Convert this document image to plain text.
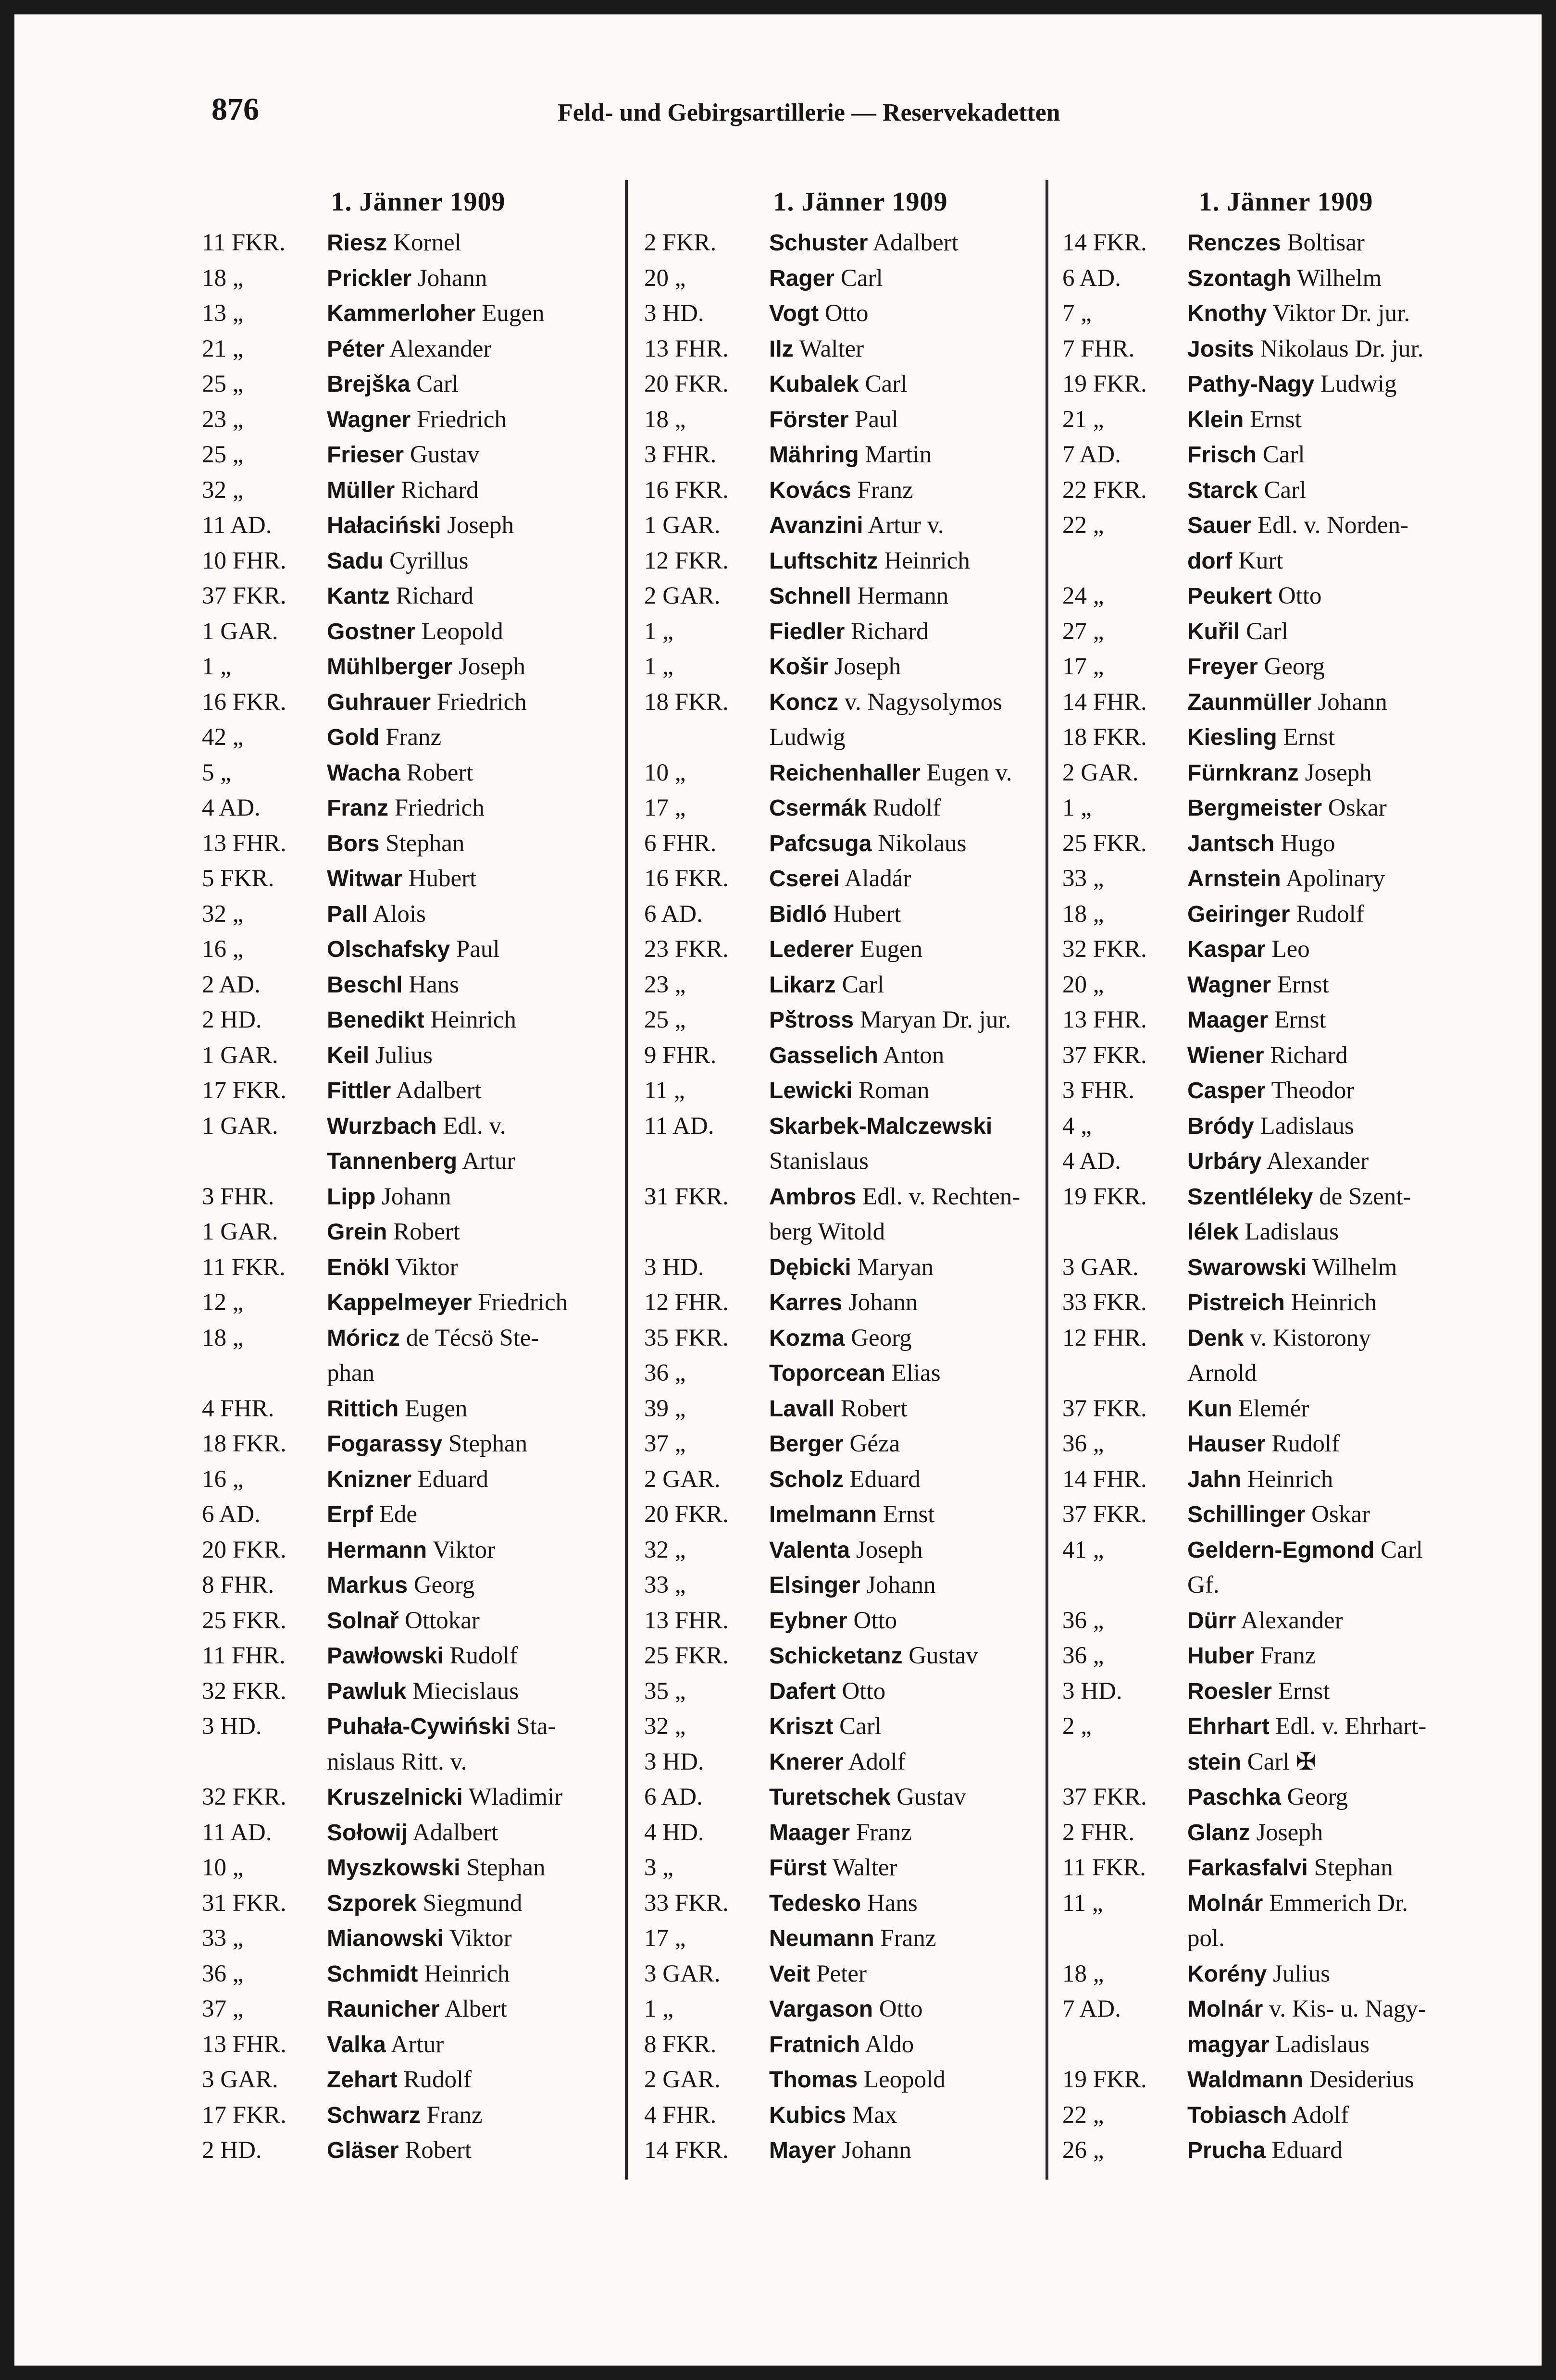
876	Feld- und Gebirgsartillerie — Reservekadetten
1. Jänner 1909
11 FKR.	Riesz Kornel
18 „	Prickler Johann
13 „	Kammerloher Eugen
21 „	Péter Alexander
25 „	Brejška Carl
23 „	Wagner Friedrich
25 „	Frieser Gustav
32 „	Müller Richard
11 AD.	Hałaciński Joseph
10 FHR.	Sadu Cyrillus
37 FKR.	Kantz Richard
1 GAR.	Gostner Leopold
1 „	Mühlberger Joseph
16 FKR.	Guhrauer Friedrich
42 „	Gold Franz
5 „	Wacha Robert
4 AD.	Franz Friedrich
13 FHR.	Bors Stephan
5 FKR.	Witwar Hubert
32 „	Pall Alois
16 „	Olschafsky Paul
2 AD.	Beschl Hans
2 HD.	Benedikt Heinrich
1 GAR.	Keil Julius
17 FKR.	Fittler Adalbert
1 GAR.	Wurzbach Edl. v.
Tannenberg Artur
3 FHR.	Lipp Johann
1 GAR.	Grein Robert
11 FKR.	Enökl Viktor
12 „	Kappelmeyer Friedrich
18 „	Móricz de Técsö Ste-
phan
4 FHR.	Rittich Eugen
18 FKR.	Fogarassy Stephan
16 „	Knizner Eduard
6 AD.	Erpf Ede
20 FKR.	Hermann Viktor
8 FHR.	Markus Georg
25 FKR.	Solnař Ottokar
11 FHR.	Pawłowski Rudolf
32 FKR.	Pawluk Miecislaus
3 HD.	Puhała-Cywiński Sta-
nislaus Ritt. v.
32 FKR.	Kruszelnicki Wladimir
11 AD.	Sołowij Adalbert
10 „	Myszkowski Stephan
31 FKR.	Szporek Siegmund
33 „	Mianowski Viktor
36 „	Schmidt Heinrich
37 „	Raunicher Albert
13 FHR.	Valka Artur
3 GAR.	Zehart Rudolf
17 FKR.	Schwarz Franz
2 HD.	Gläser Robert
1. Jänner 1909
2 FKR.	Schuster Adalbert
20 „	Rager Carl
3 HD.	Vogt Otto
13 FHR.	Ilz Walter
20 FKR.	Kubalek Carl
18 „	Förster Paul
3 FHR.	Mähring Martin
16 FKR.	Kovács Franz
1 GAR.	Avanzini Artur v.
12 FKR.	Luftschitz Heinrich
2 GAR.	Schnell Hermann
1 „	Fiedler Richard
1 „	Košir Joseph
18 FKR.	Koncz v. Nagysolymos
Ludwig
10 „	Reichenhaller Eugen v.
17 „	Csermák Rudolf
6 FHR.	Pafcsuga Nikolaus
16 FKR.	Cserei Aladár
6 AD.	Bidló Hubert
23 FKR.	Lederer Eugen
23 „	Likarz Carl
25 „	Pštross Maryan Dr. jur.
9 FHR.	Gasselich Anton
11 „	Lewicki Roman
11 AD.	Skarbek-Malczewski
Stanislaus
31 FKR.	Ambros Edl. v. Rechten-
berg Witold
3 HD.	Dębicki Maryan
12 FHR.	Karres Johann
35 FKR.	Kozma Georg
36 „	Toporcean Elias
39 „	Lavall Robert
37 „	Berger Géza
2 GAR.	Scholz Eduard
20 FKR.	Imelmann Ernst
32 „	Valenta Joseph
33 „	Elsinger Johann
13 FHR.	Eybner Otto
25 FKR.	Schicketanz Gustav
35 „	Dafert Otto
32 „	Kriszt Carl
3 HD.	Knerer Adolf
6 AD.	Turetschek Gustav
4 HD.	Maager Franz
3 „	Fürst Walter
33 FKR.	Tedesko Hans
17 „	Neumann Franz
3 GAR.	Veit Peter
1 „	Vargason Otto
8 FKR.	Fratnich Aldo
2 GAR.	Thomas Leopold
4 FHR.	Kubics Max
14 FKR.	Mayer Johann
1. Jänner 1909
14 FKR.	Renczes Boltisar
6 AD.	Szontagh Wilhelm
7 „	Knothy Viktor Dr. jur.
7 FHR.	Josits Nikolaus Dr. jur.
19 FKR.	Pathy-Nagy Ludwig
21 „	Klein Ernst
7 AD.	Frisch Carl
22 FKR.	Starck Carl
22 „	Sauer Edl. v. Norden-
dorf Kurt
24 „	Peukert Otto
27 „	Kuřil Carl
17 „	Freyer Georg
14 FHR.	Zaunmüller Johann
18 FKR.	Kiesling Ernst
2 GAR.	Fürnkranz Joseph
1 „	Bergmeister Oskar
25 FKR.	Jantsch Hugo
33 „	Arnstein Apolinary
18 „	Geiringer Rudolf
32 FKR.	Kaspar Leo
20 „	Wagner Ernst
13 FHR.	Maager Ernst
37 FKR.	Wiener Richard
3 FHR.	Casper Theodor
4 „	Bródy Ladislaus
4 AD.	Urbáry Alexander
19 FKR.	Szentléleky de Szent-
lélek Ladislaus
3 GAR.	Swarowski Wilhelm
33 FKR.	Pistreich Heinrich
12 FHR.	Denk v. Kistorony
Arnold
37 FKR.	Kun Elemér
36 „	Hauser Rudolf
14 FHR.	Jahn Heinrich
37 FKR.	Schillinger Oskar
41 „	Geldern-Egmond Carl
Gf.
36 „	Dürr Alexander
36 „	Huber Franz
3 HD.	Roesler Ernst
2 „	Ehrhart Edl. v. Ehrhart-
stein Carl ✠
37 FKR.	Paschka Georg
2 FHR.	Glanz Joseph
11 FKR.	Farkasfalvi Stephan
11 „	Molnár Emmerich Dr.
pol.
18 „	Korény Julius
7 AD.	Molnár v. Kis- u. Nagy-
magyar Ladislaus
19 FKR.	Waldmann Desiderius
22 „	Tobiasch Adolf
26 „	Prucha Eduard
